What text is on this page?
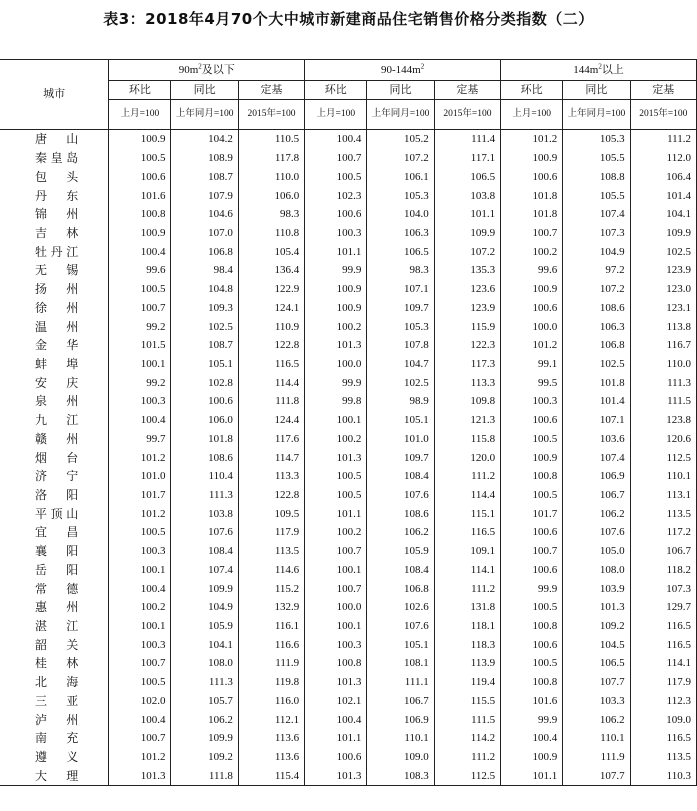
表3：2018年4月70个大中城市新建商品住宅销售价格分类指数（二）
城市	$90m^2$及以下			$90-144m^2$			$144m^2$以上		
	环比	同比	定基	环比	同比	定基	环比	同比	定基
	上月=100	上年同月=100	2015年=100	上月=100	上年同月=100	2015年=100	上月=100	上年同月=100	2015年=100
唐山	100.9	104.2	110.5	100.4	105.2	111.4	101.2	105.3	111.2
秦皇岛	100.5	108.9	117.8	100.7	107.2	117.1	100.9	105.5	112.0
包头	100.6	108.7	110.0	100.5	106.1	106.5	100.6	108.8	106.4
丹东	101.6	107.9	106.0	102.3	105.3	103.8	101.8	105.5	101.4
锦州	100.8	104.6	98.3	100.6	104.0	101.1	101.8	107.4	104.1
吉林	100.9	107.0	110.8	100.3	106.3	109.9	100.7	107.3	109.9
牡丹江	100.4	106.8	105.4	101.1	106.5	107.2	100.2	104.9	102.5
无锡	99.6	98.4	136.4	99.9	98.3	135.3	99.6	97.2	123.9
扬州	100.5	104.8	122.9	100.9	107.1	123.6	100.9	107.2	123.0
徐州	100.7	109.3	124.1	100.9	109.7	123.9	100.6	108.6	123.1
温州	99.2	102.5	110.9	100.2	105.3	115.9	100.0	106.3	113.8
金华	101.5	108.7	122.8	101.3	107.8	122.3	101.2	106.8	116.7
蚌埠	100.1	105.1	116.5	100.0	104.7	117.3	99.1	102.5	110.0
安庆	99.2	102.8	114.4	99.9	102.5	113.3	99.5	101.8	111.3
泉州	100.3	100.6	111.8	99.8	98.9	109.8	100.3	101.4	111.5
九江	100.4	106.0	124.4	100.1	105.1	121.3	100.6	107.1	123.8
赣州	99.7	101.8	117.6	100.2	101.0	115.8	100.5	103.6	120.6
烟台	101.2	108.6	114.7	101.3	109.7	120.0	100.9	107.4	112.5
济宁	101.0	110.4	113.3	100.5	108.4	111.2	100.8	106.9	110.1
洛阳	101.7	111.3	122.8	100.5	107.6	114.4	100.5	106.7	113.1
平顶山	101.2	103.8	109.5	101.1	108.6	115.1	101.7	106.2	113.5
宜昌	100.5	107.6	117.9	100.2	106.2	116.5	100.6	107.6	117.2
襄阳	100.3	108.4	113.5	100.7	105.9	109.1	100.7	105.0	106.7
岳阳	100.1	107.4	114.6	100.1	108.4	114.1	100.6	108.0	118.2
常德	100.4	109.9	115.2	100.7	106.8	111.2	99.9	103.9	107.3
惠州	100.2	104.9	132.9	100.0	102.6	131.8	100.5	101.3	129.7
湛江	100.1	105.9	116.1	100.1	107.6	118.1	100.8	109.2	116.5
韶关	100.3	104.1	116.6	100.3	105.1	118.3	100.6	104.5	116.5
桂林	100.7	108.0	111.9	100.8	108.1	113.9	100.5	106.5	114.1
北海	100.5	111.3	119.8	101.3	111.1	119.4	100.8	107.7	117.9
三亚	102.0	105.7	116.0	102.1	106.7	115.5	101.6	103.3	112.3
泸州	100.4	106.2	112.1	100.4	106.9	111.5	99.9	106.2	109.0
南充	100.7	109.9	113.6	101.1	110.1	114.2	100.4	110.1	116.5
遵义	101.2	109.2	113.6	100.6	109.0	111.2	100.9	111.9	113.5
大理	101.3	111.8	115.4	101.3	108.3	112.5	101.1	107.7	110.3
